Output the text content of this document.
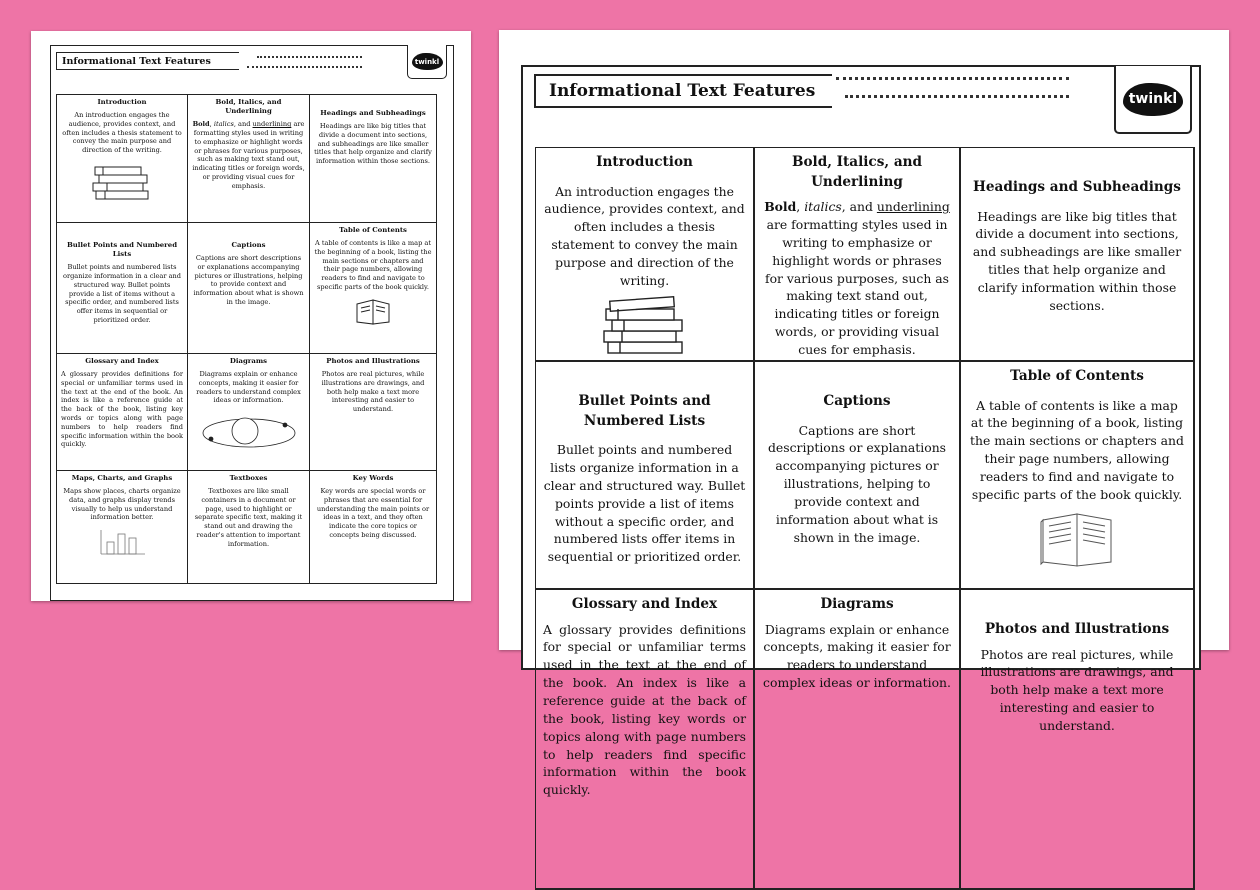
Informational Text Features	twinkl
Introduction
An introduction engages the audience, provides context, and often includes a thesis statement to convey the main purpose and direction of the writing.
Bold, Italics, and Underlining
Bold, italics, and underlining are formatting styles used in writing to emphasize or highlight words or phrases for various purposes, such as making text stand out, indicating titles or foreign words, or providing visual cues for emphasis.
Headings and Subheadings
Headings are like big titles that divide a document into sections, and subheadings are like smaller titles that help organize and clarify information within those sections.
Bullet Points and Numbered Lists
Bullet points and numbered lists organize information in a clear and structured way. Bullet points provide a list of items without a specific order, and numbered lists offer items in sequential or prioritized order.
Captions
Captions are short descriptions or explanations accompanying pictures or illustrations, helping to provide context and information about what is shown in the image.
Table of Contents
A table of contents is like a map at the beginning of a book, listing the main sections or chapters and their page numbers, allowing readers to find and navigate to specific parts of the book quickly.
Glossary and Index
A glossary provides definitions for special or unfamiliar terms used in the text at the end of the book. An index is like a reference guide at the back of the book, listing key words or topics along with page numbers to help readers find specific information within the book quickly.
Diagrams
Diagrams explain or enhance concepts, making it easier for readers to understand complex ideas or information.
Photos and Illustrations
Photos are real pictures, while illustrations are drawings, and both help make a text more interesting and easier to understand.
Maps, Charts, and Graphs
Maps show places, charts organize data, and graphs display trends visually to help us understand information better.
Textboxes
Textboxes are like small containers in a document or page, used to highlight or separate specific text, making it stand out and drawing the reader's attention to important information.
Key Words
Key words are special words or phrases that are essential for understanding the main points or ideas in a text, and they often indicate the core topics or concepts being discussed.
Informational Text Features	twinkl
Introduction
An introduction engages the audience, provides context, and often includes a thesis statement to convey the main purpose and direction of the writing.
Bold, Italics, and Underlining
Bold, italics, and underlining are formatting styles used in writing to emphasize or highlight words or phrases for various purposes, such as making text stand out, indicating titles or foreign words, or providing visual cues for emphasis.
Headings and Subheadings
Headings are like big titles that divide a document into sections, and subheadings are like smaller titles that help organize and clarify information within those sections.
Bullet Points and Numbered Lists
Bullet points and numbered lists organize information in a clear and structured way. Bullet points provide a list of items without a specific order, and numbered lists offer items in sequential or prioritized order.
Captions
Captions are short descriptions or explanations accompanying pictures or illustrations, helping to provide context and information about what is shown in the image.
Table of Contents
A table of contents is like a map at the beginning of a book, listing the main sections or chapters and their page numbers, allowing readers to find and navigate to specific parts of the book quickly.
Glossary and Index
A glossary provides definitions for special or unfamiliar terms used in the text at the end of the book. An index is like a reference guide at the back of the book, listing key words or topics along with page numbers to help readers find specific information within the book quickly.
Diagrams
Diagrams explain or enhance concepts, making it easier for readers to understand complex ideas or information.
Photos and Illustrations
Photos are real pictures, while illustrations are drawings, and both help make a text more interesting and easier to understand.
